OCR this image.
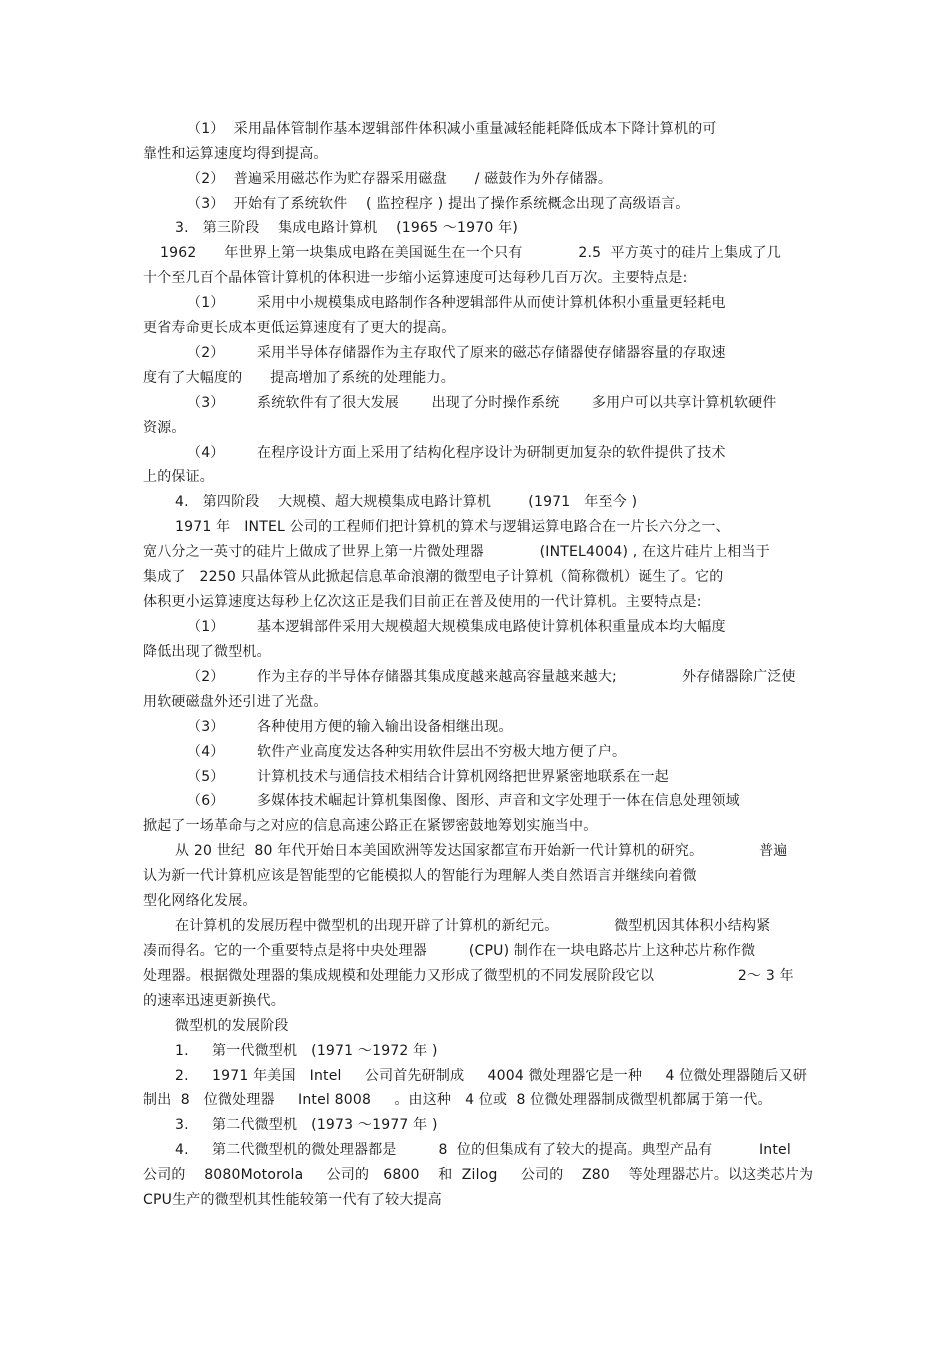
（1）  采用晶体管制作基本逻辑部件体积减小重量减轻能耗降低成本下降计算机的可
靠性和运算速度均得到提高。
（2）  普遍采用磁芯作为贮存器采用磁盘      / 磁鼓作为外存储器。
（3）  开始有了系统软件    ( 监控程序 ) 提出了操作系统概念出现了高级语言。
3.   第三阶段    集成电路计算机    (1965 ～1970 年)
1962      年世界上第一块集成电路在美国诞生在一个只有            2.5  平方英寸的硅片上集成了几
十个至几百个晶体管计算机的体积进一步缩小运算速度可达每秒几百万次。主要特点是:
（1）       采用中小规模集成电路制作各种逻辑部件从而使计算机体积小重量更轻耗电
更省寿命更长成本更低运算速度有了更大的提高。
（2）       采用半导体存储器作为主存取代了原来的磁芯存储器使存储器容量的存取速
度有了大幅度的      提高增加了系统的处理能力。
（3）       系统软件有了很大发展       出现了分时操作系统       多用户可以共享计算机软硬件
资源。
（4）       在程序设计方面上采用了结构化程序设计为研制更加复杂的软件提供了技术
上的保证。
4.   第四阶段    大规模、超大规模集成电路计算机        (1971   年至今 )
1971 年   INTEL 公司的工程师们把计算机的算术与逻辑运算电路合在一片长六分之一、
宽八分之一英寸的硅片上做成了世界上第一片微处理器            (INTEL4004) , 在这片硅片上相当于
集成了   2250 只晶体管从此掀起信息革命浪潮的微型电子计算机（简称微机）诞生了。它的
体积更小运算速度达每秒上亿次这正是我们目前正在普及使用的一代计算机。主要特点是:
（1）       基本逻辑部件采用大规模超大规模集成电路使计算机体积重量成本均大幅度
降低出现了微型机。
（2）       作为主存的半导体存储器其集成度越来越高容量越来越大;              外存储器除广泛使
用软硬磁盘外还引进了光盘。
（3）       各种使用方便的输入输出设备相继出现。
（4）       软件产业高度发达各种实用软件层出不穷极大地方便了户。
（5）       计算机技术与通信技术相结合计算机网络把世界紧密地联系在一起
（6）       多媒体技术崛起计算机集图像、图形、声音和文字处理于一体在信息处理领域
掀起了一场革命与之对应的信息高速公路正在紧锣密鼓地筹划实施当中。
从 20 世纪  80 年代开始日本美国欧洲等发达国家都宣布开始新一代计算机的研究。            普遍
认为新一代计算机应该是智能型的它能模拟人的智能行为理解人类自然语言并继续向着微
型化网络化发展。
在计算机的发展历程中微型机的出现开辟了计算机的新纪元。            微型机因其体积小结构紧
凑而得名。它的一个重要特点是将中央处理器         (CPU) 制作在一块电路芯片上这种芯片称作微
处理器。根据微处理器的集成规模和处理能力又形成了微型机的不同发展阶段它以                  2～ 3 年
的速率迅速更新换代。
微型机的发展阶段
1.     第一代微型机   (1971 ～1972 年 )
2.     1971 年美国   Intel     公司首先研制成     4004 微处理器它是一种     4 位微处理器随后又研
制出  8   位微处理器     Intel 8008     。由这种   4 位或  8 位微处理器制成微型机都属于第一代。
3.     第二代微型机   (1973 ～1977 年 )
4.     第二代微型机的微处理器都是         8  位的但集成有了较大的提高。典型产品有          Intel
公司的    8080Motorola     公司的   6800    和  Zilog     公司的    Z80    等处理器芯片。以这类芯片为
CPU生产的微型机其性能较第一代有了较大提高
